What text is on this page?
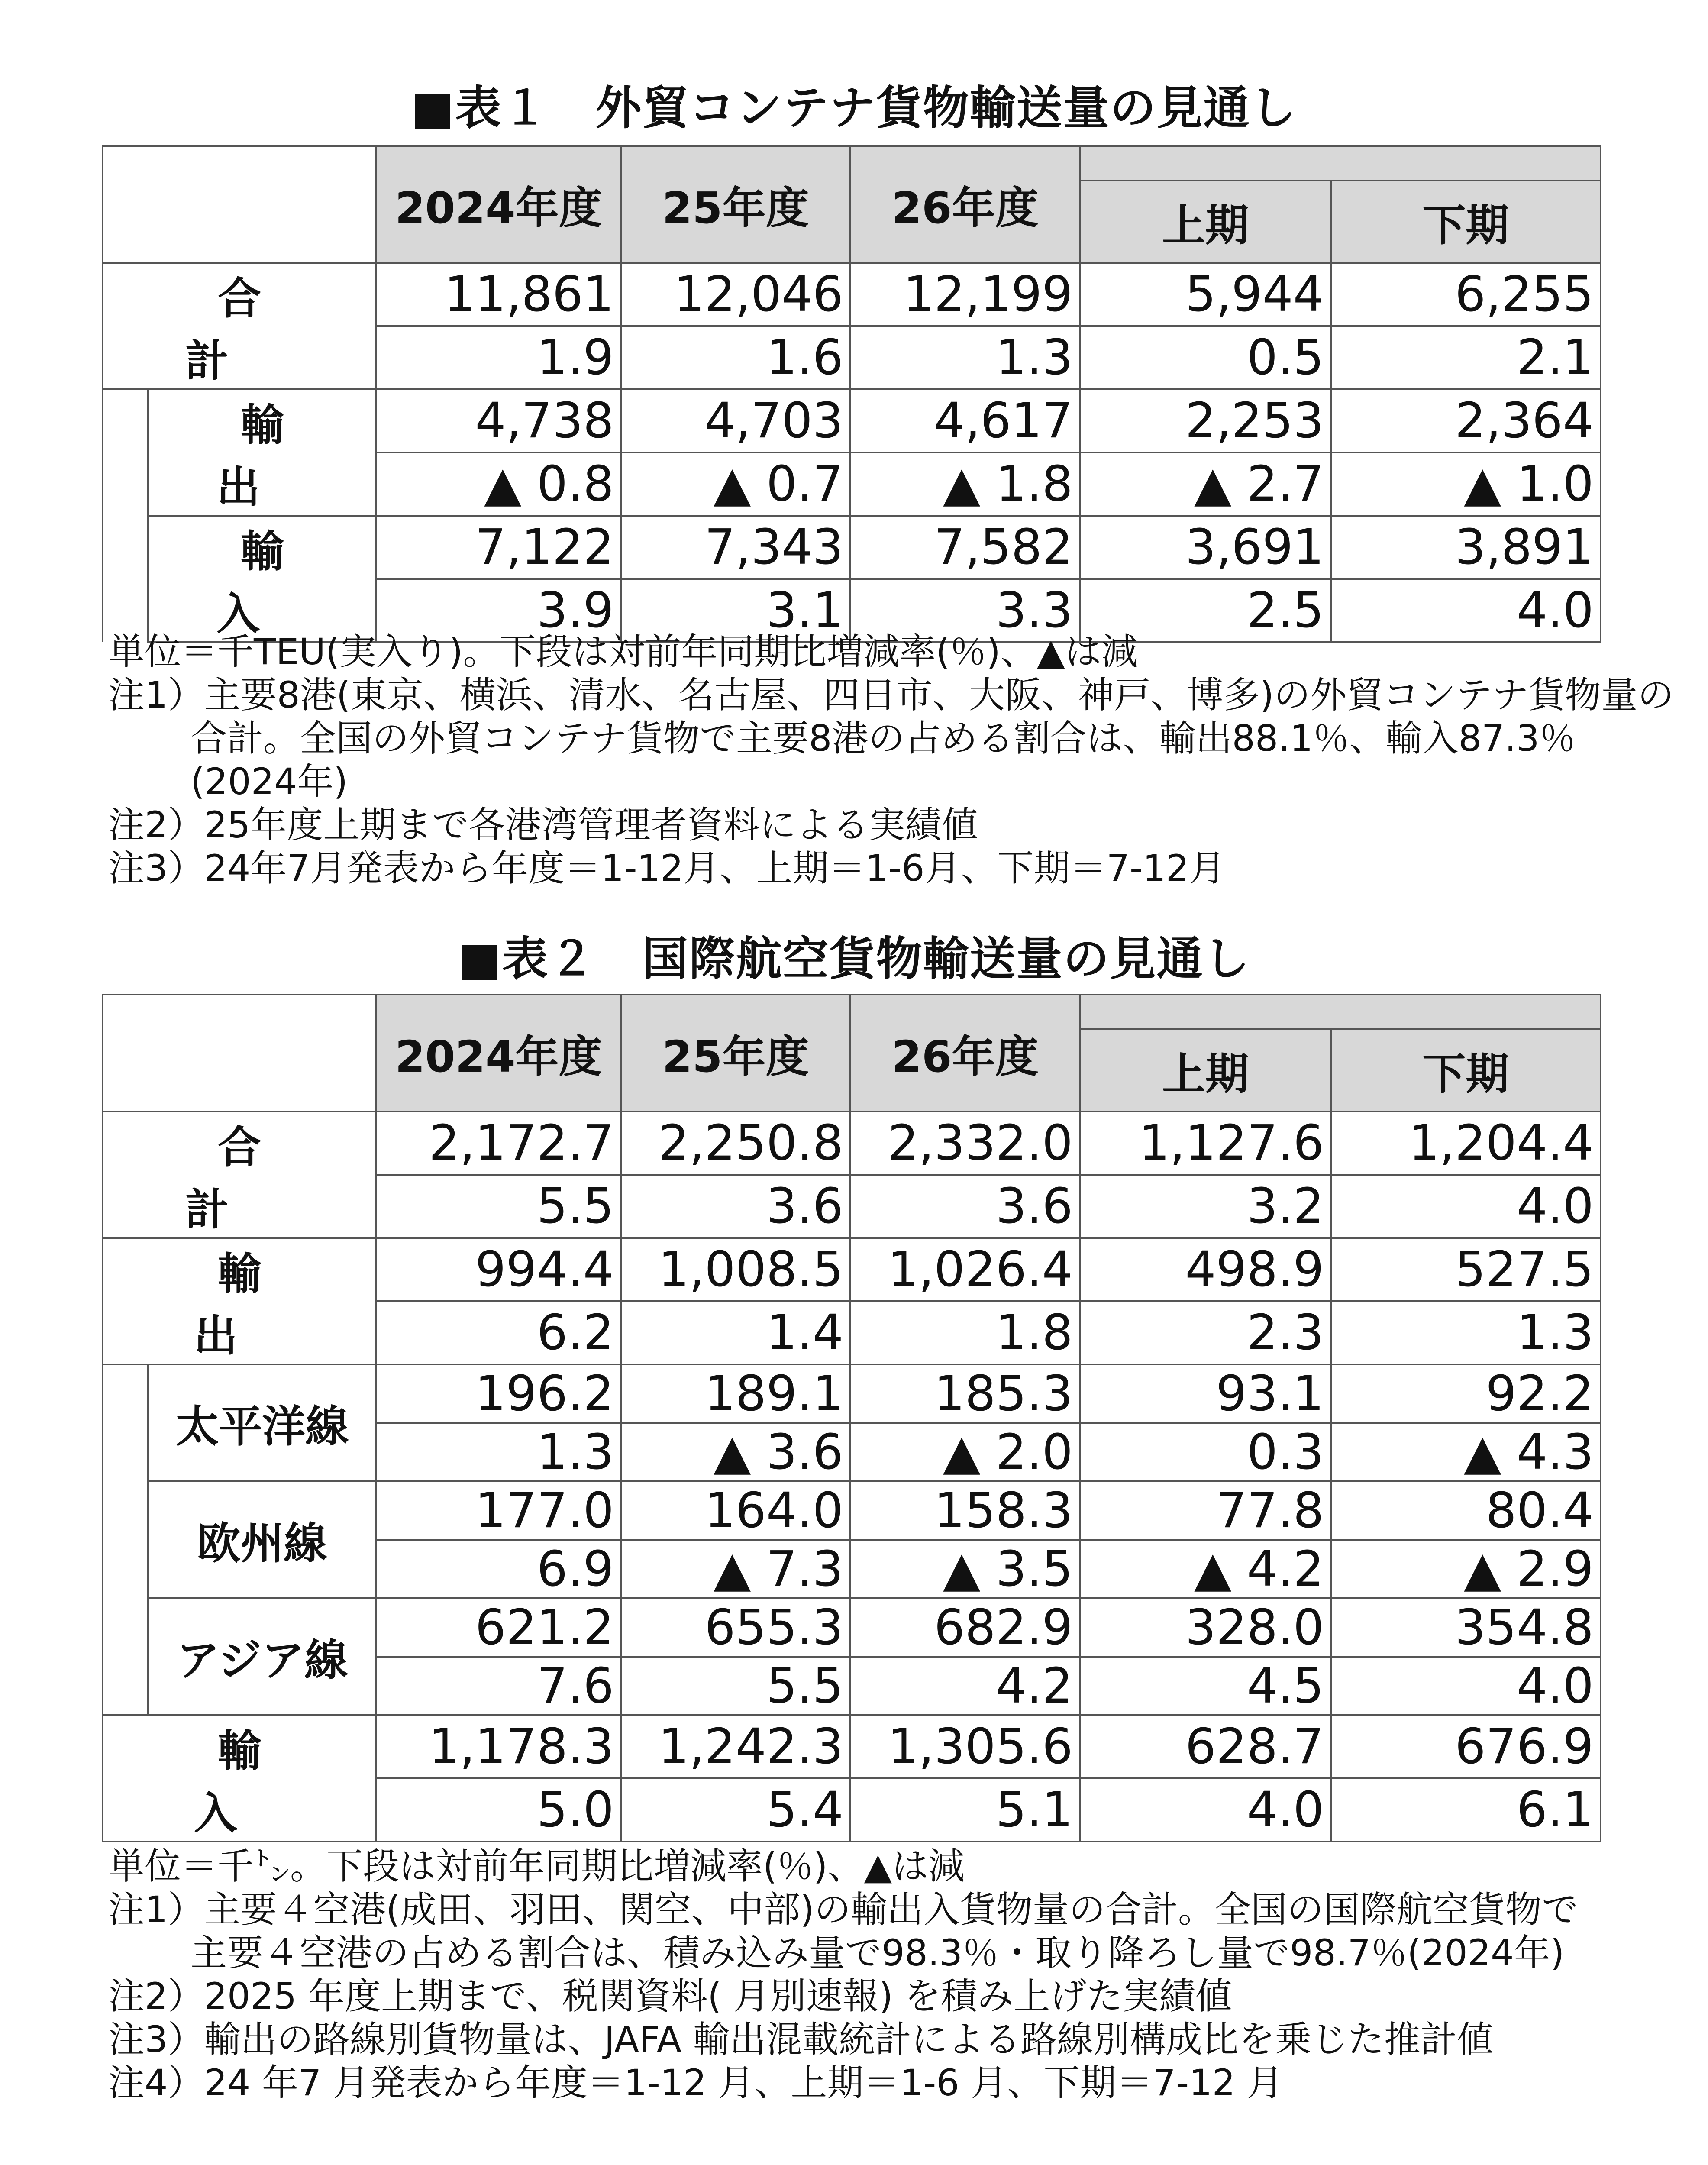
■表１　外貿コンテナ貨物輸送量の見通し
		2024年度	25年度	26年度		
					上期	下期
合　計		11,861	12,046	12,199	5,944	6,255
		1.9	1.6	1.3	0.5	2.1
	輸　出	4,738	4,703	4,617	2,253	2,364
		▲ 0.8	▲ 0.7	▲ 1.8	▲ 2.7	▲ 1.0
	輸　入	7,122	7,343	7,582	3,691	3,891
		3.9	3.1	3.3	2.5	4.0
単位＝千TEU(実入り)。下段は対前年同期比増減率(％)、▲は減
注1）主要8港(東京、横浜、清水、名古屋、四日市、大阪、神戸、博多)の外貿コンテナ貨物量の
合計。全国の外貿コンテナ貨物で主要8港の占める割合は、輸出88.1％、輸入87.3％
(2024年)
注2）25年度上期まで各港湾管理者資料による実績値
注3）24年7月発表から年度＝1-12月、上期＝1-6月、下期＝7-12月
■表２　国際航空貨物輸送量の見通し
		2024年度	25年度	26年度		
					上期	下期
合　計		2,172.7	2,250.8	2,332.0	1,127.6	1,204.4
		5.5	3.6	3.6	3.2	4.0
輸　出		994.4	1,008.5	1,026.4	498.9	527.5
		6.2	1.4	1.8	2.3	1.3
	太平洋線	196.2	189.1	185.3	93.1	92.2
		1.3	▲ 3.6	▲ 2.0	0.3	▲ 4.3
	欧州線	177.0	164.0	158.3	77.8	80.4
		6.9	▲ 7.3	▲ 3.5	▲ 4.2	▲ 2.9
	アジア線	621.2	655.3	682.9	328.0	354.8
		7.6	5.5	4.2	4.5	4.0
輸　入		1,178.3	1,242.3	1,305.6	628.7	676.9
		5.0	5.4	5.1	4.0	6.1
単位＝千㌧。下段は対前年同期比増減率(％)、▲は減
注1）主要４空港(成田、羽田、関空、中部)の輸出入貨物量の合計。全国の国際航空貨物で
主要４空港の占める割合は、積み込み量で98.3％・取り降ろし量で98.7％(2024年)
注2）2025 年度上期まで、税関資料( 月別速報) を積み上げた実績値
注3）輸出の路線別貨物量は、JAFA 輸出混載統計による路線別構成比を乗じた推計値
注4）24 年7 月発表から年度＝1-12 月、上期＝1-6 月、下期＝7-12 月
